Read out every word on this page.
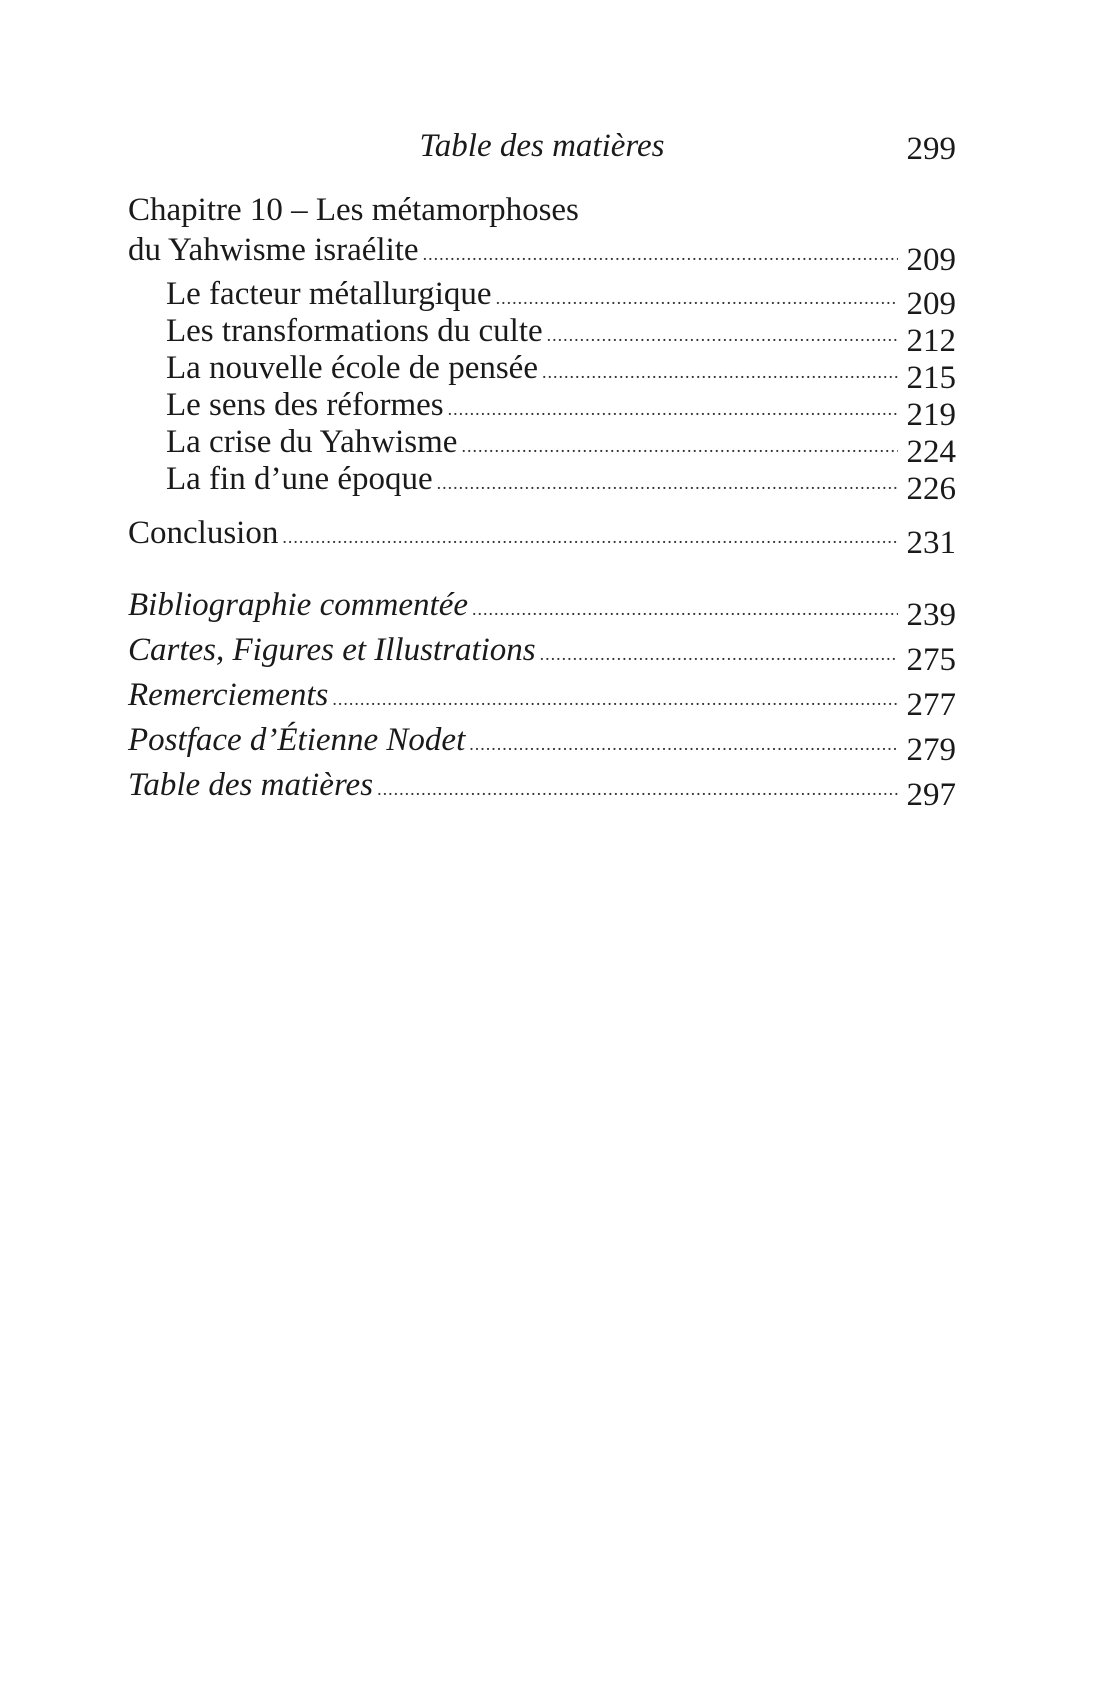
Table des matières	299
Chapitre 10 – Les métamorphoses
du Yahwisme israélite .....	209
Le facteur métallurgique .....	209
Les transformations du culte .....	212
La nouvelle école de pensée .....	215
Le sens des réformes .....	219
La crise du Yahwisme .....	224
La fin d’une époque .....	226
Conclusion .....	231
Bibliographie commentée .....	239
Cartes, Figures et Illustrations .....	275
Remerciements .....	277
Postface d’Étienne Nodet .....	279
Table des matières .....	297
